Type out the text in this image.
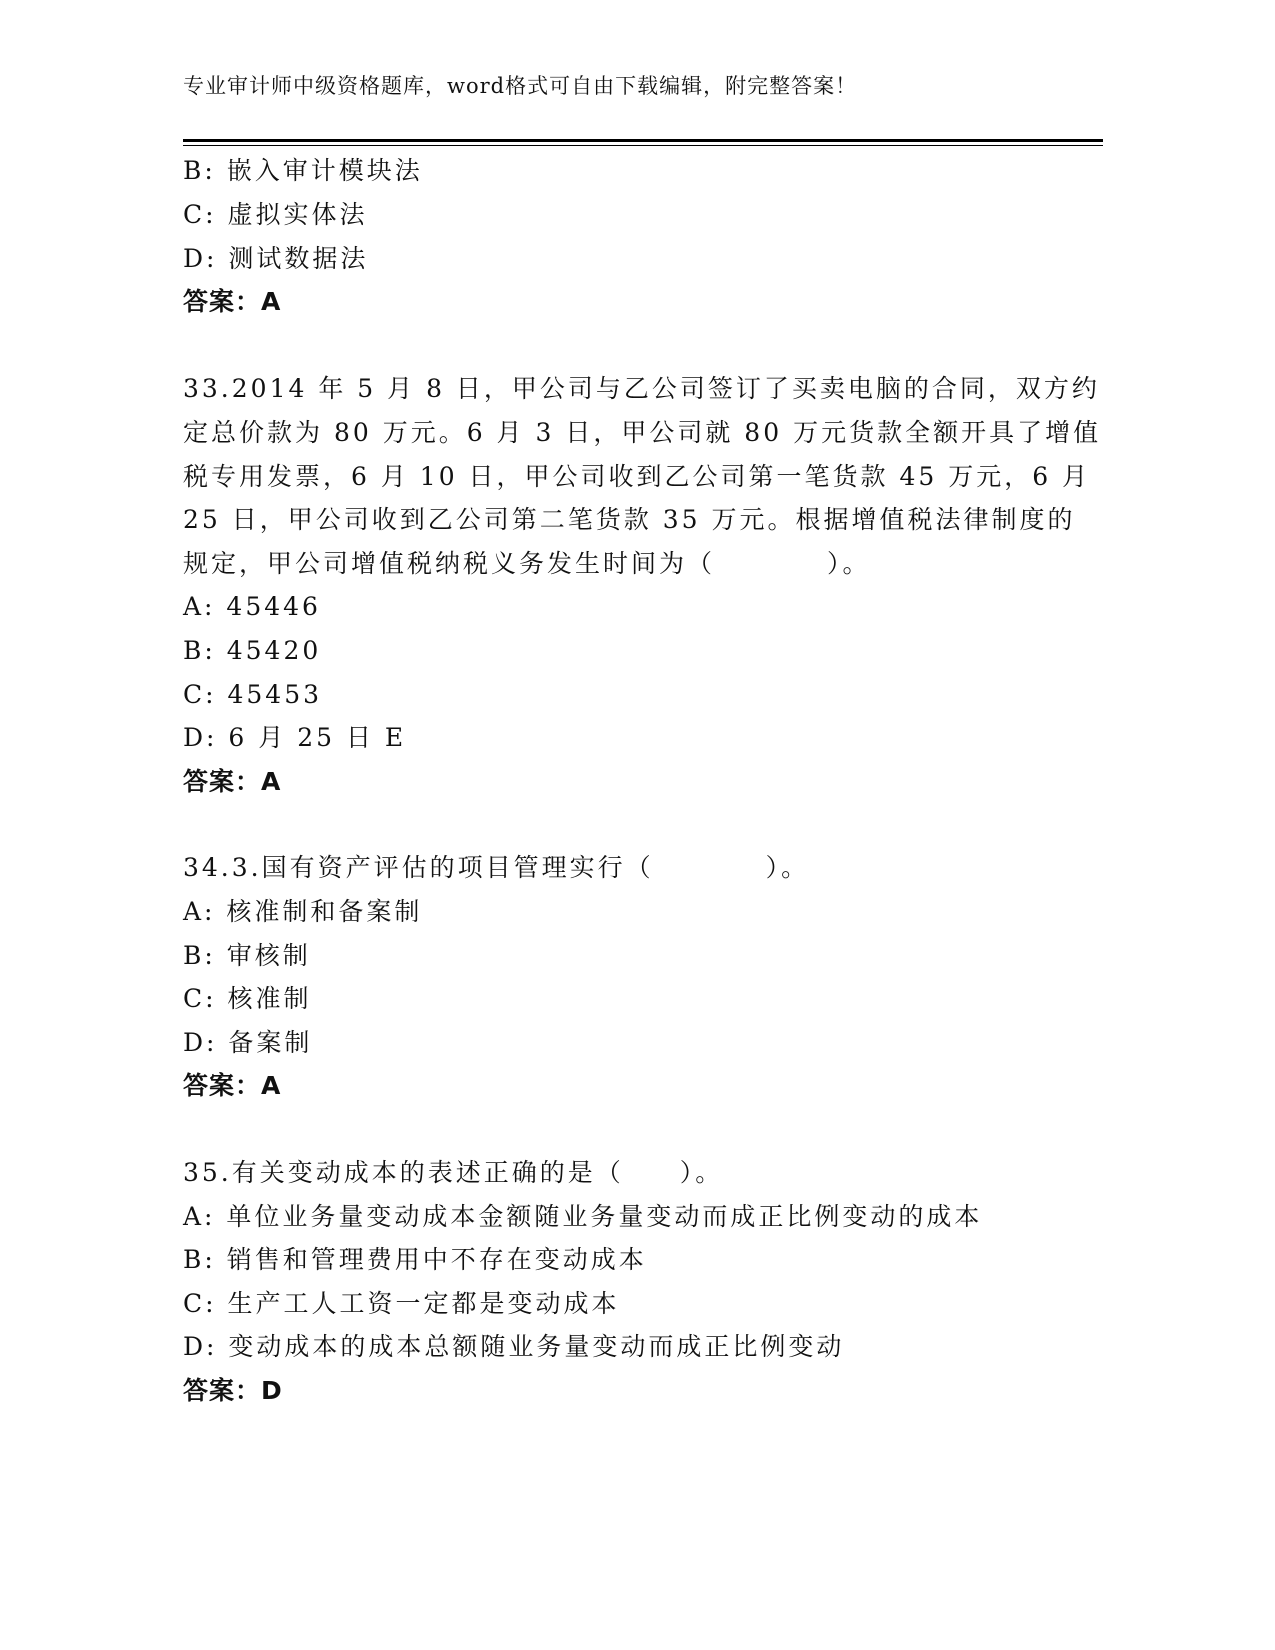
专业审计师中级资格题库，word格式可自由下载编辑，附完整答案！
B: 嵌入审计模块法
C: 虚拟实体法
D: 测试数据法
答案：A
33.2014 年 5 月 8 日，甲公司与乙公司签订了买卖电脑的合同，双方约
定总价款为 80 万元。6 月 3 日，甲公司就 80 万元货款全额开具了增值
税专用发票，6 月 10 日，甲公司收到乙公司第一笔货款 45 万元，6 月
25 日，甲公司收到乙公司第二笔货款 35 万元。根据增值税法律制度的
规定，甲公司增值税纳税义务发生时间为（　　　　）。
A: 45446
B: 45420
C: 45453
D: 6 月 25 日 E
答案：A
34.3.国有资产评估的项目管理实行（　　　　）。
A: 核准制和备案制
B: 审核制
C: 核准制
D: 备案制
答案：A
35.有关变动成本的表述正确的是（　　）。
A: 单位业务量变动成本金额随业务量变动而成正比例变动的成本
B: 销售和管理费用中不存在变动成本
C: 生产工人工资一定都是变动成本
D: 变动成本的成本总额随业务量变动而成正比例变动
答案：D
